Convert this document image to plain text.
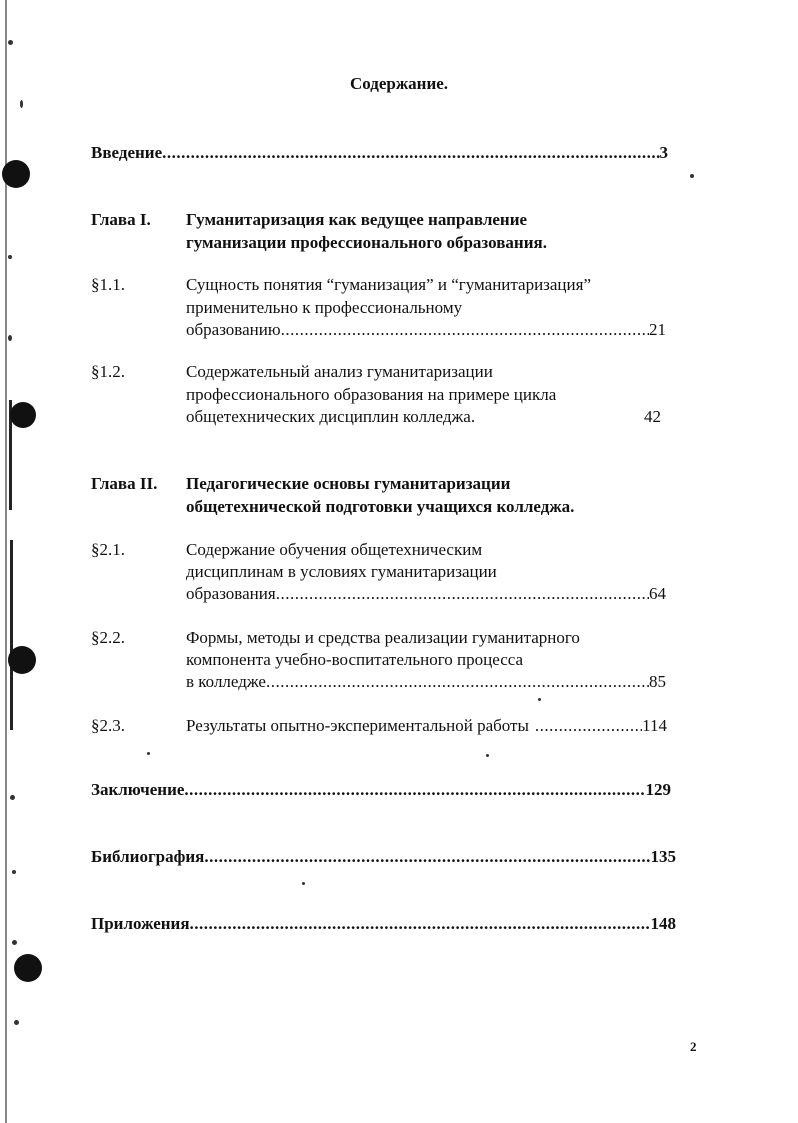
Содержание.
Введение .....	3
Глава I. Гуманитаризация как ведущее направление
гуманизации профессионального образования.
§1.1.	Сущность понятия “гуманизация” и “гуманитаризация”
применительно к профессиональному
образованию .....	21
§1.2.	Содержательный анализ гуманитаризации
профессионального образования на примере цикла
общетехнических дисциплин колледжа.	42
Глава II. Педагогические основы гуманитаризации
общетехнической подготовки учащихся колледжа.
§2.1.	Содержание обучения общетехническим
дисциплинам в условиях гуманитаризации
образования .....	64
§2.2.	Формы, методы и средства реализации гуманитарного
компонента учебно-воспитательного процесса
в колледже .....	85
§2.3.	Результаты опытно-экспериментальной работы .....	114
Заключение .....	129
Библиография .....	135
Приложения .....	148
2
